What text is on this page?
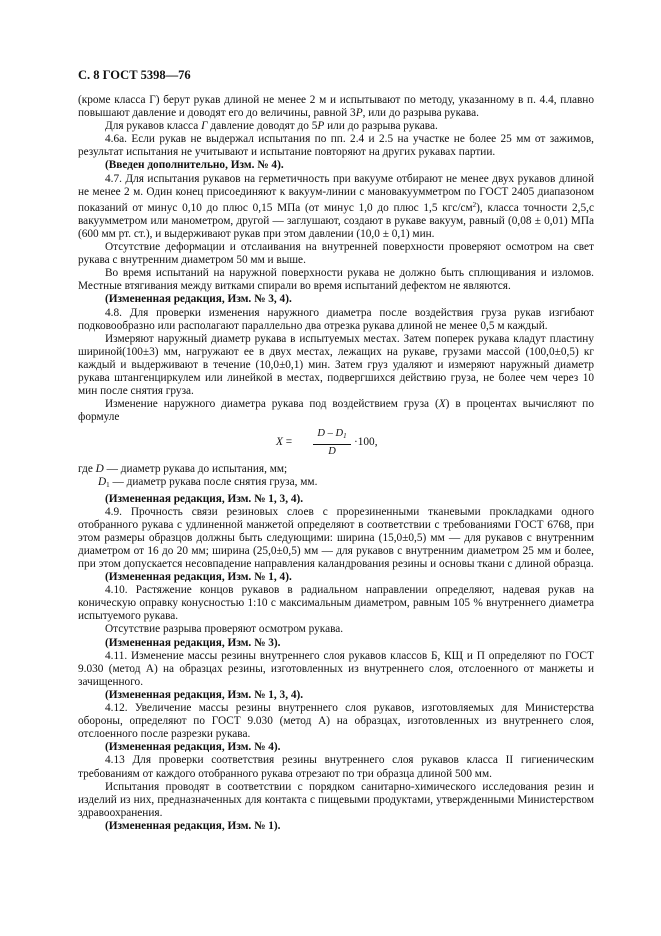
С. 8 ГОСТ 5398—76

(кроме класса Г) берут рукав длиной не менее 2 м и испытывают по методу, указанному в п. 4.4, плавно повышают давление и доводят его до величины, равной 3P, или до разрыва рукава.

Для рукавов класса Г давление доводят до 5P или до разрыва рукава.

4.6а. Если рукав не выдержал испытания по пп. 2.4 и 2.5 на участке не более 25 мм от зажимов, результат испытания не учитывают и испытание повторяют на других рукавах партии.

(Введен дополнительно, Изм. № 4).

4.7. Для испытания рукавов на герметичность при вакууме отбирают не менее двух рукавов длиной не менее 2 м. Один конец присоединяют к вакуум-линии с мановакуумметром по ГОСТ 2405 диапазоном показаний от минус 0,10 до плюс 0,15 МПа (от минус 1,0 до плюс 1,5 кгс/$см^2$), класса точности 2,5,с вакуумметром или манометром, другой — заглушают, создают в рукаве вакуум, равный (0,08 ± 0,01) МПа (600 мм рт. ст.), и выдерживают рукав при этом давлении (10,0 ± 0,1) мин.

Отсутствие деформации и отслаивания на внутренней поверхности проверяют осмотром на свет рукава с внутренним диаметром 50 мм и выше.

Во время испытаний на наружной поверхности рукава не должно быть сплющивания и изломов. Местные втягивания между витками спирали во время испытаний дефектом не являются.

(Измененная редакция, Изм. № 3, 4).

4.8. Для проверки изменения наружного диаметра после воздействия груза рукав изгибают подковообразно или располагают параллельно два отрезка рукава длиной не менее 0,5 м каждый.

Измеряют наружный диаметр рукава в испытуемых местах. Затем поперек рукава кладут пластину шириной(100±3) мм, нагружают ее в двух местах, лежащих на рукаве, грузами массой (100,0±0,5) кг каждый и выдерживают в течение (10,0±0,1) мин. Затем груз удаляют и измеряют наружный диаметр рукава штангенциркулем или линейкой в местах, подвергшихся действию груза, не более чем через 10 мин после снятия груза.

Изменение наружного диаметра рукава под воздействием груза (X) в процентах вычисляют по формуле

$X = \frac{D - D_1}{D} \cdot 100$,

где D — диаметр рукава до испытания, мм;

$D_1$ — диаметр рукава после снятия груза, мм.

(Измененная редакция, Изм. № 1, 3, 4).

4.9. Прочность связи резиновых слоев с прорезиненными тканевыми прокладками одного отобранного рукава с удлиненной манжетой определяют в соответствии с требованиями ГОСТ 6768, при этом размеры образцов должны быть следующими: ширина (15,0±0,5) мм — для рукавов с внутренним диаметром от 16 до 20 мм; ширина (25,0±0,5) мм — для рукавов с внутренним диаметром 25 мм и более, при этом допускается несовпадение направления каландрования резины и основы ткани с длиной образца.

(Измененная редакция, Изм. № 1, 4).

4.10. Растяжение концов рукавов в радиальном направлении определяют, надевая рукав на коническую оправку конусностью 1:10 с максимальным диаметром, равным 105 % внутреннего диаметра испытуемого рукава.

Отсутствие разрыва проверяют осмотром рукава.

(Измененная редакция, Изм. № 3).

4.11. Изменение массы резины внутреннего слоя рукавов классов Б, КЩ и П определяют по ГОСТ 9.030 (метод А) на образцах резины, изготовленных из внутреннего слоя, отслоенного от манжеты и зачищенного.

(Измененная редакция, Изм. № 1, 3, 4).

4.12. Увеличение массы резины внутреннего слоя рукавов, изготовляемых для Министерства обороны, определяют по ГОСТ 9.030 (метод А) на образцах, изготовленных из внутреннего слоя, отслоенного после разрезки рукава.

(Измененная редакция, Изм. № 4).

4.13 Для проверки соответствия резины внутреннего слоя рукавов класса II гигиеническим требованиям от каждого отобранного рукава отрезают по три образца длиной 500 мм.

Испытания проводят в соответствии с порядком санитарно-химического исследования резин и изделий из них, предназначенных для контакта с пищевыми продуктами, утвержденными Министерством здравоохранения.

(Измененная редакция, Изм. № 1).
